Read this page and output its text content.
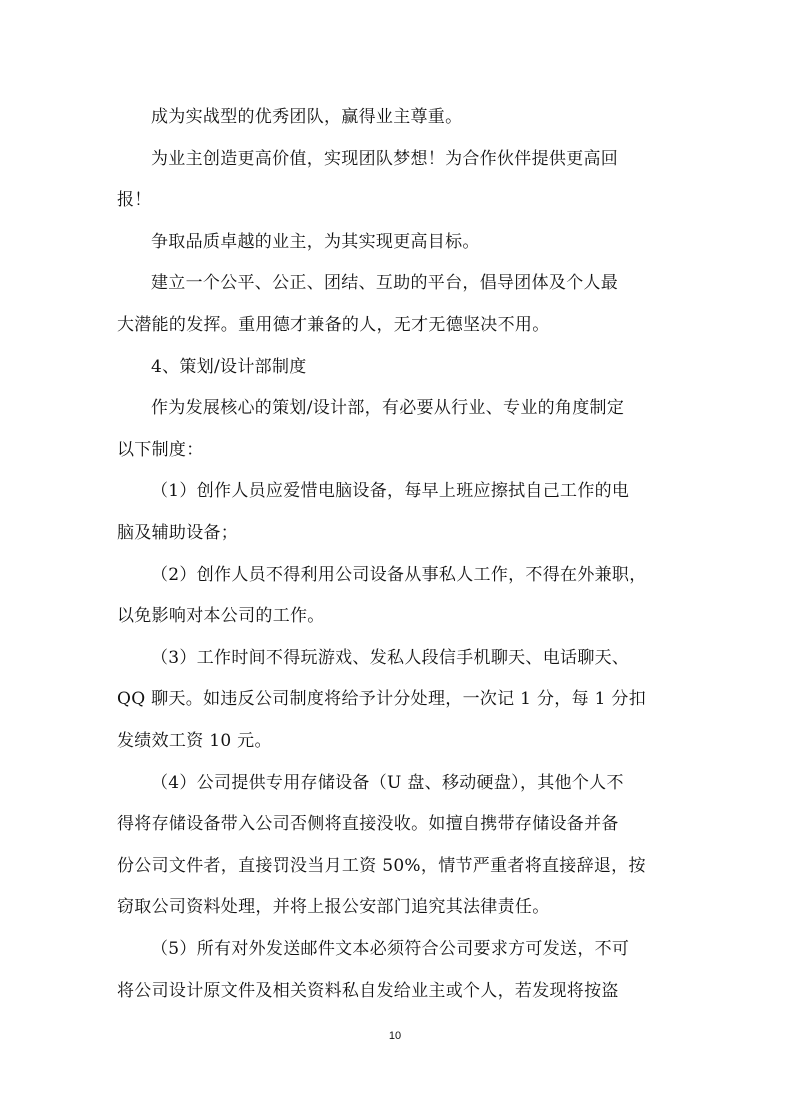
成为实战型的优秀团队，赢得业主尊重。
为业主创造更高价值，实现团队梦想！为合作伙伴提供更高回
报！
争取品质卓越的业主，为其实现更高目标。
建立一个公平、公正、团结、互助的平台，倡导团体及个人最
大潜能的发挥。重用德才兼备的人，无才无德坚决不用。
4、策划/设计部制度
作为发展核心的策划/设计部，有必要从行业、专业的角度制定
以下制度：
（1）创作人员应爱惜电脑设备，每早上班应擦拭自己工作的电
脑及辅助设备；
（2）创作人员不得利用公司设备从事私人工作，不得在外兼职，
以免影响对本公司的工作。
（3）工作时间不得玩游戏、发私人段信手机聊天、电话聊天、
QQ 聊天。如违反公司制度将给予计分处理，一次记 1 分，每 1 分扣
发绩效工资 10 元。
（4）公司提供专用存储设备（U 盘、移动硬盘），其他个人不
得将存储设备带入公司否侧将直接没收。如擅自携带存储设备并备
份公司文件者，直接罚没当月工资 50%，情节严重者将直接辞退，按
窃取公司资料处理，并将上报公安部门追究其法律责任。
（5）所有对外发送邮件文本必须符合公司要求方可发送，不可
将公司设计原文件及相关资料私自发给业主或个人，若发现将按盗
10
